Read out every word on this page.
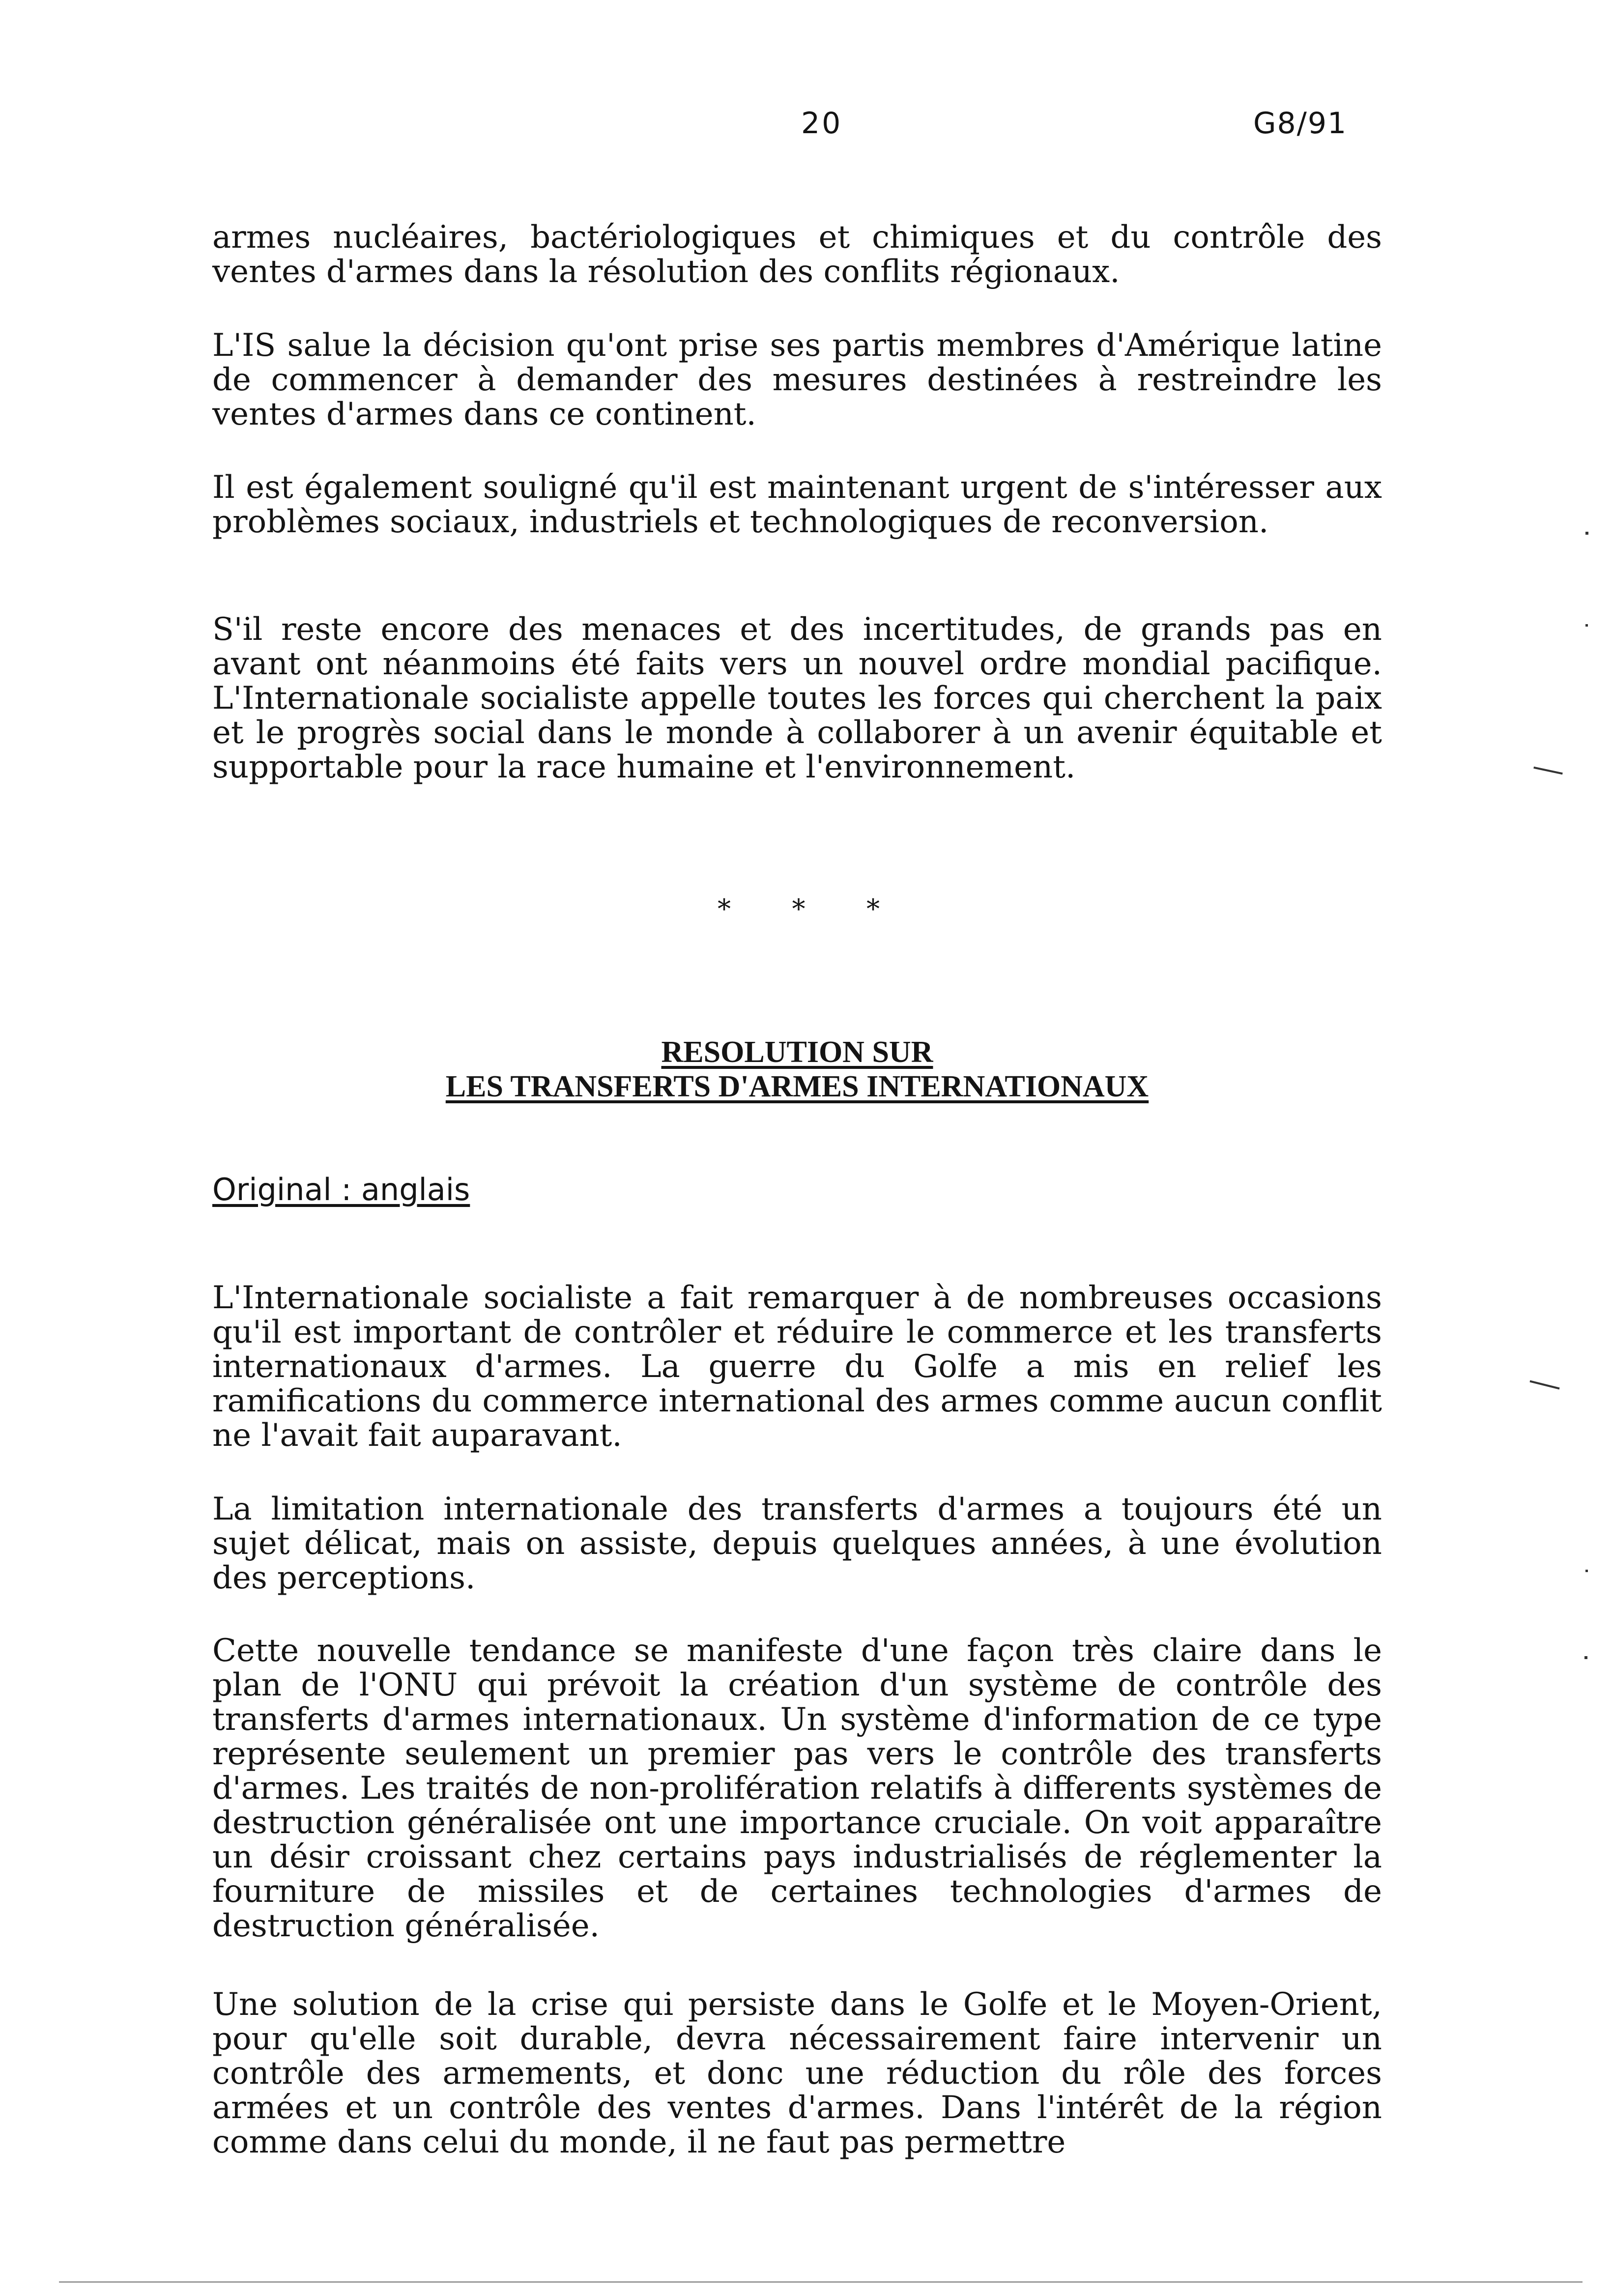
20	G8/91

armes nucléaires, bactériologiques et chimiques et du contrôle des ventes d'armes dans la résolution des conflits régionaux.

L'IS salue la décision qu'ont prise ses partis membres d'Amérique latine de commencer à demander des mesures destinées à restreindre les ventes d'armes dans ce continent.

Il est également souligné qu'il est maintenant urgent de s'intéresser aux problèmes sociaux, industriels et technologiques de reconversion.

S'il reste encore des menaces et des incertitudes, de grands pas en avant ont néanmoins été faits vers un nouvel ordre mondial pacifique. L'Internationale socialiste appelle toutes les forces qui cherchent la paix et le progrès social dans le monde à collaborer à un avenir équitable et supportable pour la race humaine et l'environnement.

* * *

RESOLUTION SUR

LES TRANSFERTS D'ARMES INTERNATIONAUX

Original : anglais

L'Internationale socialiste a fait remarquer à de nombreuses occasions qu'il est important de contrôler et réduire le commerce et les transferts internationaux d'armes. La guerre du Golfe a mis en relief les ramifications du commerce international des armes comme aucun conflit ne l'avait fait auparavant.

La limitation internationale des transferts d'armes a toujours été un sujet délicat, mais on assiste, depuis quelques années, à une évolution des perceptions.

Cette nouvelle tendance se manifeste d'une façon très claire dans le plan de l'ONU qui prévoit la création d'un système de contrôle des transferts d'armes internationaux. Un système d'information de ce type représente seulement un premier pas vers le contrôle des transferts d'armes. Les traités de non-prolifération relatifs à differents systèmes de destruction généralisée ont une importance cruciale. On voit apparaître un désir croissant chez certains pays industrialisés de réglementer la fourniture de missiles et de certaines technologies d'armes de destruction généralisée.

Une solution de la crise qui persiste dans le Golfe et le Moyen-Orient, pour qu'elle soit durable, devra nécessairement faire intervenir un contrôle des armements, et donc une réduction du rôle des forces armées et un contrôle des ventes d'armes. Dans l'intérêt de la région comme dans celui du monde, il ne faut pas permettre
